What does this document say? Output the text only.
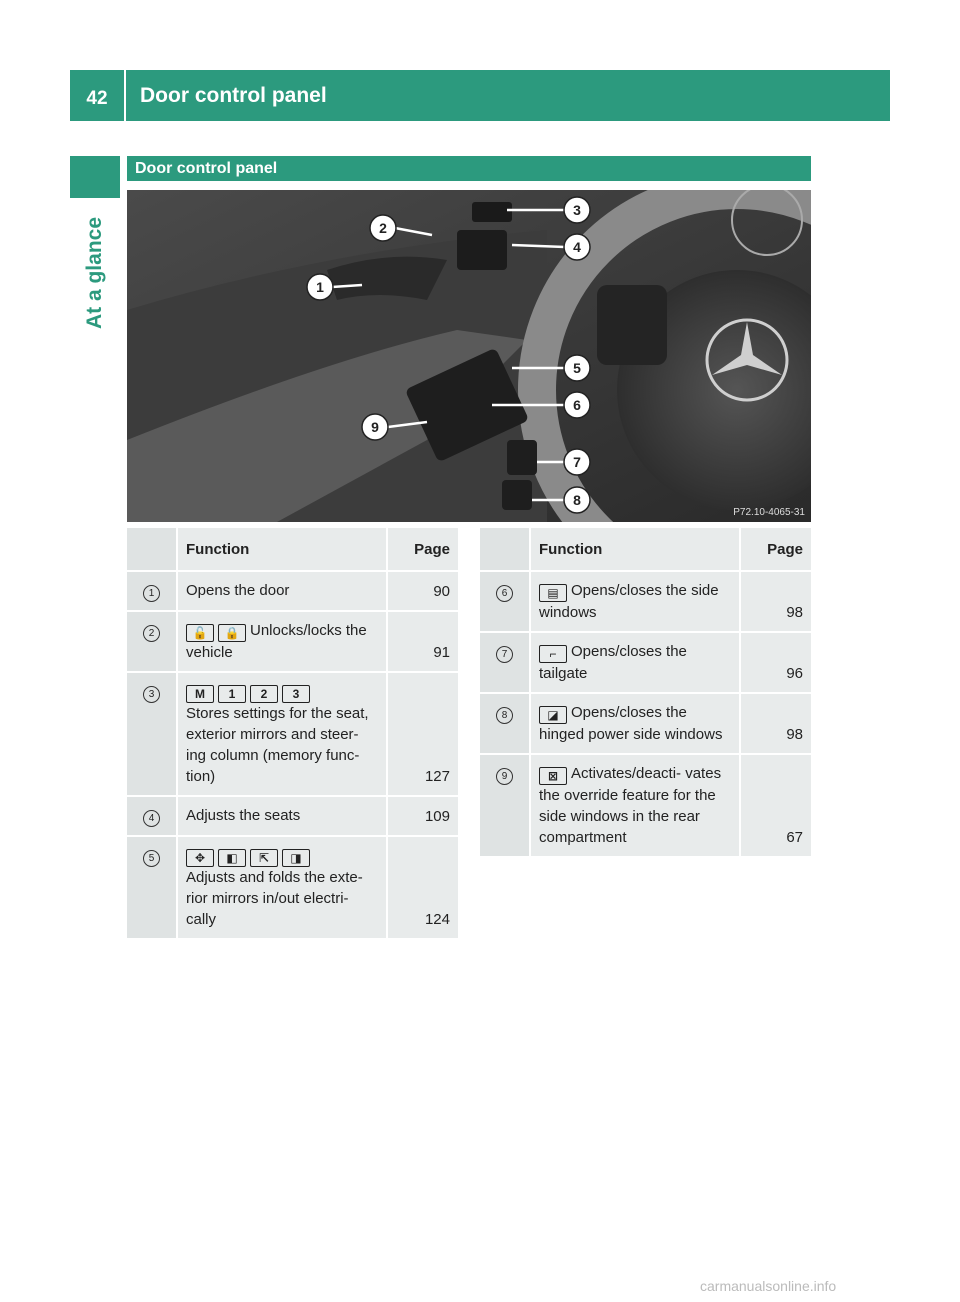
42	Door control panel
At a glance
Door control panel
1
2
3
4
5
6
7
8
9
P72.10-4065-31
	Function	Page
1	Opens the door	90
2	🔓 🔒 Unlocks/locks the vehicle	91
3	M 1 2 3
Stores settings for the seat, exterior mirrors and steer- ing column (memory func- tion)	127
4	Adjusts the seats	109
5	✥ ◧ ⇱ ◨
Adjusts and folds the exte- rior mirrors in/out electri- cally	124
	Function	Page
6	▤ Opens/closes the side windows	98
7	⌐ Opens/closes the tailgate	96
8	◪ Opens/closes the hinged power side windows	98
9	⊠ Activates/deacti- vates the override feature for the side windows in the rear compartment	67
carmanualsonline.info
